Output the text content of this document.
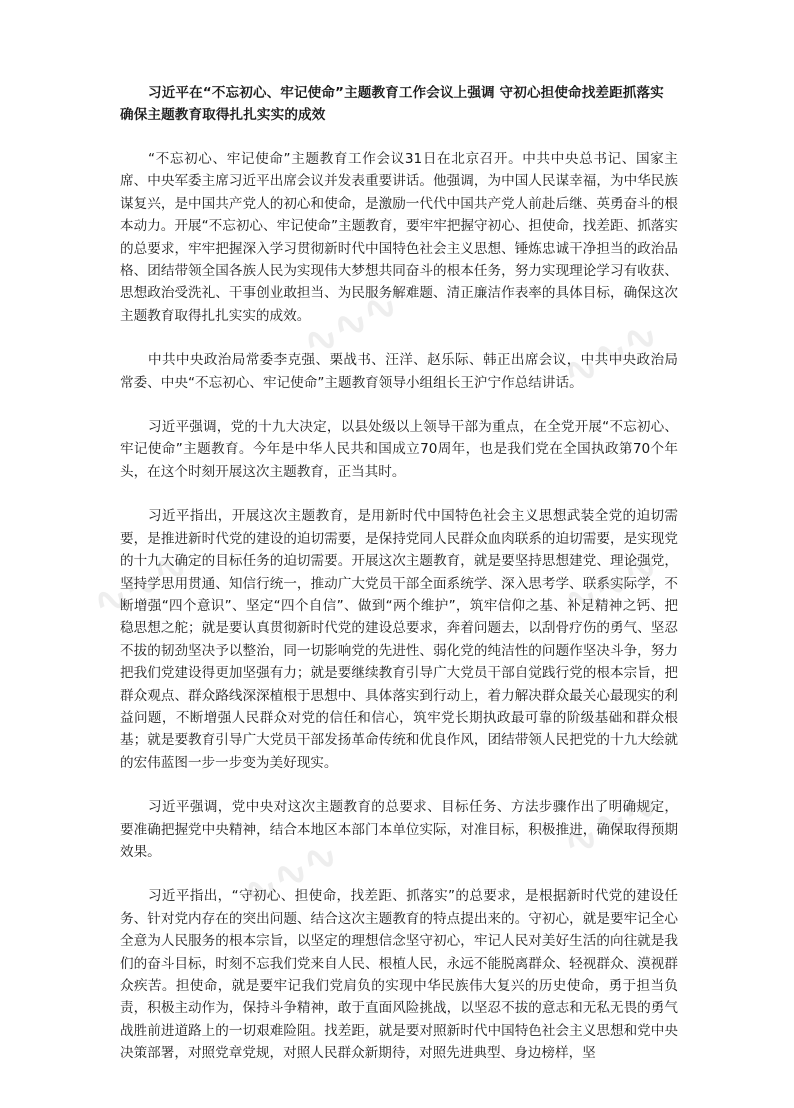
习近平在“不忘初心、牢记使命”主题教育工作会议上强调 守初心担使命找差距抓落实 确保主题教育取得扎扎实实的成效

“不忘初心、牢记使命”主题教育工作会议31日在北京召开。中共中央总书记、国家主席、中央军委主席习近平出席会议并发表重要讲话。他强调，为中国人民谋幸福，为中华民族谋复兴，是中国共产党人的初心和使命，是激励一代代中国共产党人前赴后继、英勇奋斗的根本动力。开展“不忘初心、牢记使命”主题教育，要牢牢把握守初心、担使命，找差距、抓落实的总要求，牢牢把握深入学习贯彻新时代中国特色社会主义思想、锤炼忠诚干净担当的政治品格、团结带领全国各族人民为实现伟大梦想共同奋斗的根本任务，努力实现理论学习有收获、思想政治受洗礼、干事创业敢担当、为民服务解难题、清正廉洁作表率的具体目标，确保这次主题教育取得扎扎实实的成效。

中共中央政治局常委李克强、栗战书、汪洋、赵乐际、韩正出席会议，中共中央政治局常委、中央“不忘初心、牢记使命”主题教育领导小组组长王沪宁作总结讲话。

习近平强调，党的十九大决定，以县处级以上领导干部为重点，在全党开展“不忘初心、牢记使命”主题教育。今年是中华人民共和国成立70周年，也是我们党在全国执政第70个年头，在这个时刻开展这次主题教育，正当其时。

习近平指出，开展这次主题教育，是用新时代中国特色社会主义思想武装全党的迫切需要，是推进新时代党的建设的迫切需要，是保持党同人民群众血肉联系的迫切需要，是实现党的十九大确定的目标任务的迫切需要。开展这次主题教育，就是要坚持思想建党、理论强党，坚持学思用贯通、知信行统一，推动广大党员干部全面系统学、深入思考学、联系实际学，不断增强“四个意识”、坚定“四个自信”、做到“两个维护”，筑牢信仰之基、补足精神之钙、把稳思想之舵；就是要认真贯彻新时代党的建设总要求，奔着问题去，以刮骨疗伤的勇气、坚忍不拔的韧劲坚决予以整治，同一切影响党的先进性、弱化党的纯洁性的问题作坚决斗争，努力把我们党建设得更加坚强有力；就是要继续教育引导广大党员干部自觉践行党的根本宗旨，把群众观点、群众路线深深植根于思想中、具体落实到行动上，着力解决群众最关心最现实的利益问题，不断增强人民群众对党的信任和信心，筑牢党长期执政最可靠的阶级基础和群众根基；就是要教育引导广大党员干部发扬革命传统和优良作风，团结带领人民把党的十九大绘就的宏伟蓝图一步一步变为美好现实。

习近平强调，党中央对这次主题教育的总要求、目标任务、方法步骤作出了明确规定，要准确把握党中央精神，结合本地区本部门本单位实际，对准目标，积极推进，确保取得预期效果。

习近平指出，“守初心、担使命，找差距、抓落实”的总要求，是根据新时代党的建设任务、针对党内存在的突出问题、结合这次主题教育的特点提出来的。守初心，就是要牢记全心全意为人民服务的根本宗旨，以坚定的理想信念坚守初心，牢记人民对美好生活的向往就是我们的奋斗目标，时刻不忘我们党来自人民、根植人民，永远不能脱离群众、轻视群众、漠视群众疾苦。担使命，就是要牢记我们党肩负的实现中华民族伟大复兴的历史使命，勇于担当负责，积极主动作为，保持斗争精神，敢于直面风险挑战，以坚忍不拔的意志和无私无畏的勇气战胜前进道路上的一切艰难险阻。找差距，就是要对照新时代中国特色社会主义思想和党中央决策部署，对照党章党规，对照人民群众新期待，对照先进典型、身边榜样，坚

∿∿∿
∿∿∿	∿∿∿
∿∿∿
∿∿∿
∿∿∿
